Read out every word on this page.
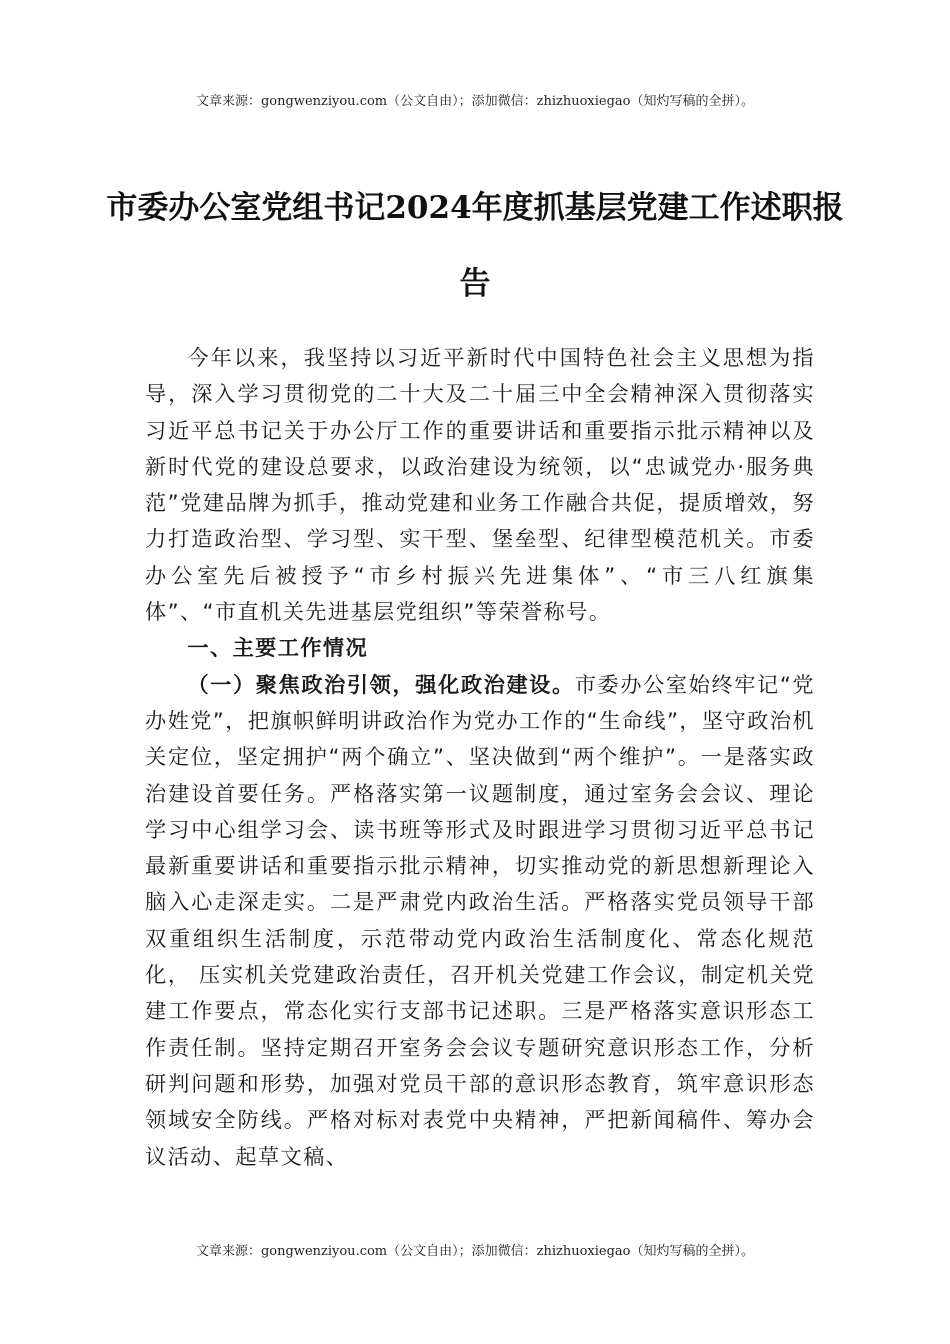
文章来源：gongwenziyou.com（公文自由）；添加微信：zhizhuoxiegao（知灼写稿的全拼）。
市委办公室党组书记2024年度抓基层党建工作述职报告

今年以来，我坚持以习近平新时代中国特色社会主义思想为指导，深入学习贯彻党的二十大及二十届三中全会精神深入贯彻落实习近平总书记关于办公厅工作的重要讲话和重要指示批示精神以及新时代党的建设总要求，以政治建设为统领，以“忠诚党办·服务典范”党建品牌为抓手，推动党建和业务工作融合共促，提质增效，努力打造政治型、学习型、实干型、堡垒型、纪律型模范机关。市委办公室先后被授予“市乡村振兴先进集体”、“市三八红旗集体”、“市直机关先进基层党组织”等荣誉称号。

一、主要工作情况

（一）聚焦政治引领，强化政治建设。市委办公室始终牢记“党办姓党”，把旗帜鲜明讲政治作为党办工作的“生命线”，坚守政治机关定位，坚定拥护“两个确立”、坚决做到“两个维护”。一是落实政治建设首要任务。严格落实第一议题制度，通过室务会会议、理论学习中心组学习会、读书班等形式及时跟进学习贯彻习近平总书记最新重要讲话和重要指示批示精神，切实推动党的新思想新理论入脑入心走深走实。二是严肃党内政治生活。严格落实党员领导干部双重组织生活制度，示范带动党内政治生活制度化、常态化规范化， 压实机关党建政治责任，召开机关党建工作会议，制定机关党建工作要点，常态化实行支部书记述职。三是严格落实意识形态工作责任制。坚持定期召开室务会会议专题研究意识形态工作，分析研判问题和形势，加强对党员干部的意识形态教育，筑牢意识形态领域安全防线。严格对标对表党中央精神，严把新闻稿件、筹办会议活动、起草文稿、

文章来源：gongwenziyou.com（公文自由）；添加微信：zhizhuoxiegao（知灼写稿的全拼）。
